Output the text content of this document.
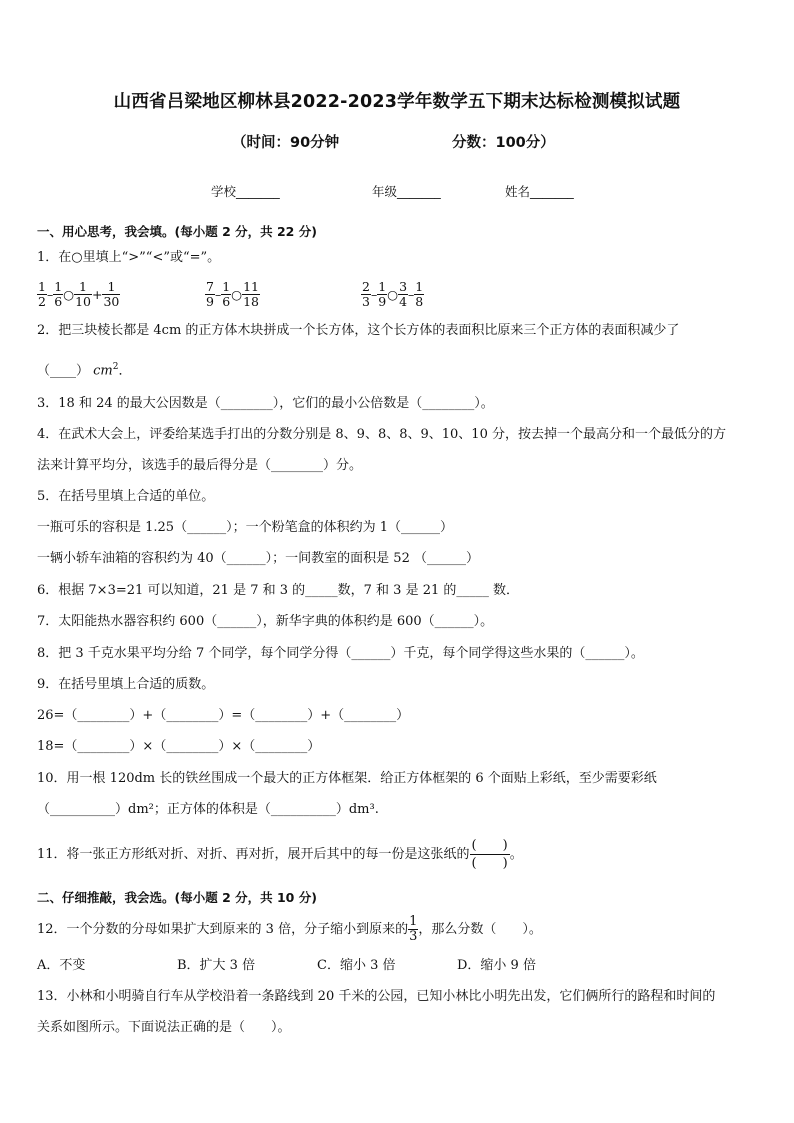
山西省吕梁地区柳林县2022-2023学年数学五下期末达标检测模拟试题
（时间：90分钟	分数：100分）
学校_______	年级_______	姓名_______
一、用心思考，我会填。(每小题 2 分，共 22 分)
1．在○里填上“>”“<”或“=”。
$\frac{1}{2} - \frac{1}{6}$ ○ $\frac{1}{10} + \frac{1}{30}$	$\frac{7}{9} - \frac{1}{6}$ ○ $\frac{11}{18}$	$\frac{2}{3} - \frac{1}{9}$ ○ $\frac{3}{4} - \frac{1}{8}$
2．把三块棱长都是 4cm 的正方体木块拼成一个长方体，这个长方体的表面积比原来三个正方体的表面积减少了
（____） $cm^2$．
3．18 和 24 的最大公因数是（________），它们的最小公倍数是（________）。
4．在武术大会上，评委给某选手打出的分数分别是 8、9、8、8、9、10、10 分，按去掉一个最高分和一个最低分的方
法来计算平均分，该选手的最后得分是（________）分。
5．在括号里填上合适的单位。
一瓶可乐的容积是 1.25（______）；一个粉笔盒的体积约为 1（______）
一辆小轿车油箱的容积约为 40（______）；一间教室的面积是 52 （______）
6．根据 7×3=21 可以知道，21 是 7 和 3 的_____数，7 和 3 是 21 的_____ 数．
7．太阳能热水器容积约 600（______），新华字典的体积约是 600（______）。
8．把 3 千克水果平均分给 7 个同学，每个同学分得（______）千克，每个同学得这些水果的（______）。
9．在括号里填上合适的质数。
26=（________）+（________）=（________）+（________）
18=（________）×（________）×（________）
10．用一根 120dm 长的铁丝围成一个最大的正方体框架．给正方体框架的 6 个面贴上彩纸，至少需要彩纸
（__________）dm²；正方体的体积是（__________）dm³.
11．将一张正方形纸对折、对折、再对折，展开后其中的每一份是这张纸的 $\frac{( )}{( )}$。
二、仔细推敲，我会选。(每小题 2 分，共 10 分)
12．一个分数的分母如果扩大到原来的 3 倍，分子缩小到原来的 $\frac{1}{3}$ ，那么分数（　　）。
A．不变	B．扩大 3 倍	C．缩小 3 倍	D．缩小 9 倍
13．小林和小明骑自行车从学校沿着一条路线到 20 千米的公园，已知小林比小明先出发，它们俩所行的路程和时间的
关系如图所示。下面说法正确的是（　　）。
